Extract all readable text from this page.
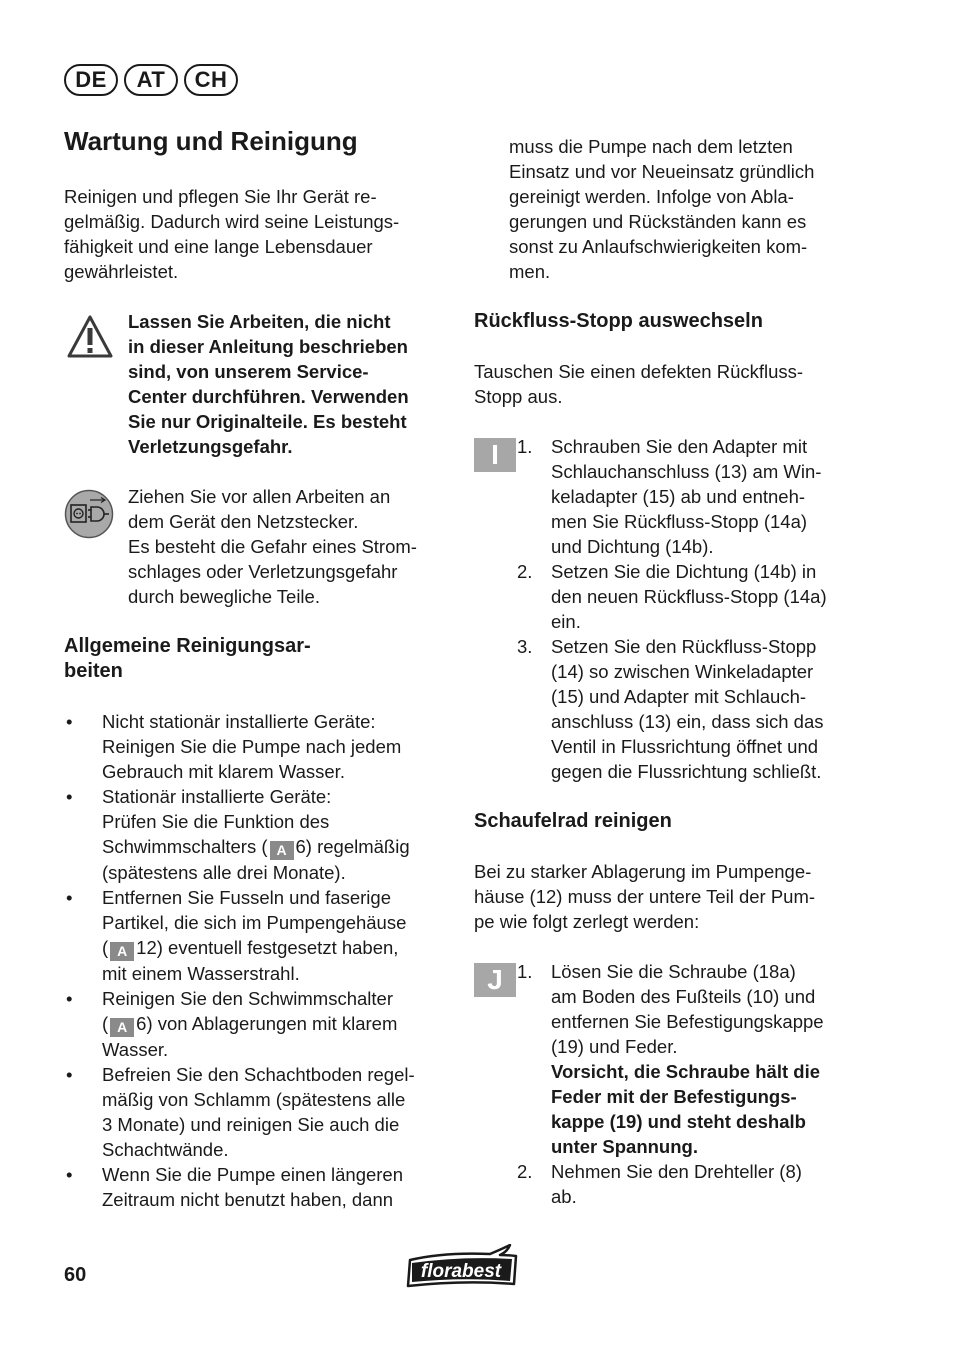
DE	AT	CH
Wartung und Reinigung

Reinigen und pflegen Sie Ihr Gerät re-

gelmäßig. Dadurch wird seine Leistungs-

fähigkeit und eine lange Lebensdauer

gewährleistet.

Lassen Sie Arbeiten, die nicht

in dieser Anleitung beschrieben

sind, von unserem Service-

Center durchführen. Verwenden

Sie nur Originalteile. Es besteht

Verletzungsgefahr.

Ziehen Sie vor allen Arbeiten an

dem Gerät den Netzstecker.

Es besteht die Gefahr eines Strom-

schlages oder Verletzungsgefahr

durch bewegliche Teile.

Allgemeine Reinigungsar-
beiten
•	Nicht stationär installierte Geräte:
Reinigen Sie die Pumpe nach jedem
Gebrauch mit klarem Wasser.
•	Stationär installierte Geräte:
Prüfen Sie die Funktion des
Schwimmschalters ( A 6) regelmäßig
(spätestens alle drei Monate).
•	Entfernen Sie Fusseln und faserige
Partikel, die sich im Pumpengehäuse
( A 12) eventuell festgesetzt haben,
mit einem Wasserstrahl.
•	Reinigen Sie den Schwimmschalter
( A 6) von Ablagerungen mit klarem
Wasser.
•	Befreien Sie den Schachtboden regel-
mäßig von Schlamm (spätestens alle
3 Monate) und reinigen Sie auch die
Schachtwände.
•	Wenn Sie die Pumpe einen längeren
Zeitraum nicht benutzt haben, dann

muss die Pumpe nach dem letzten

Einsatz und vor Neueinsatz gründlich

gereinigt werden. Infolge von Abla-

gerungen und Rückständen kann es

sonst zu Anlaufschwierigkeiten kom-

men.

Rückfluss-Stopp auswechseln

Tauschen Sie einen defekten Rückfluss-

Stopp aus.

I 1.	Schrauben Sie den Adapter mit
Schlauchanschluss (13) am Win-
keladapter (15) ab und entneh-
men Sie Rückfluss-Stopp (14a)
und Dichtung (14b).
2.	Setzen Sie die Dichtung (14b) in
den neuen Rückfluss-Stopp (14a)
ein.
3.	Setzen Sie den Rückfluss-Stopp
(14) so zwischen Winkeladapter
(15) und Adapter mit Schlauch-
anschluss (13) ein, dass sich das
Ventil in Flussrichtung öffnet und
gegen die Flussrichtung schließt.
Schaufelrad reinigen

Bei zu starker Ablagerung im Pumpenge-

häuse (12) muss der untere Teil der Pum-

pe wie folgt zerlegt werden:

J 1.	Lösen Sie die Schraube (18a)
am Boden des Fußteils (10) und
entfernen Sie Befestigungskappe
(19) und Feder.
Vorsicht, die Schraube hält die
Feder mit der Befestigungs-
kappe (19) und steht deshalb
unter Spannung.
2.	Nehmen Sie den Drehteller (8)
ab.
60	florabest
